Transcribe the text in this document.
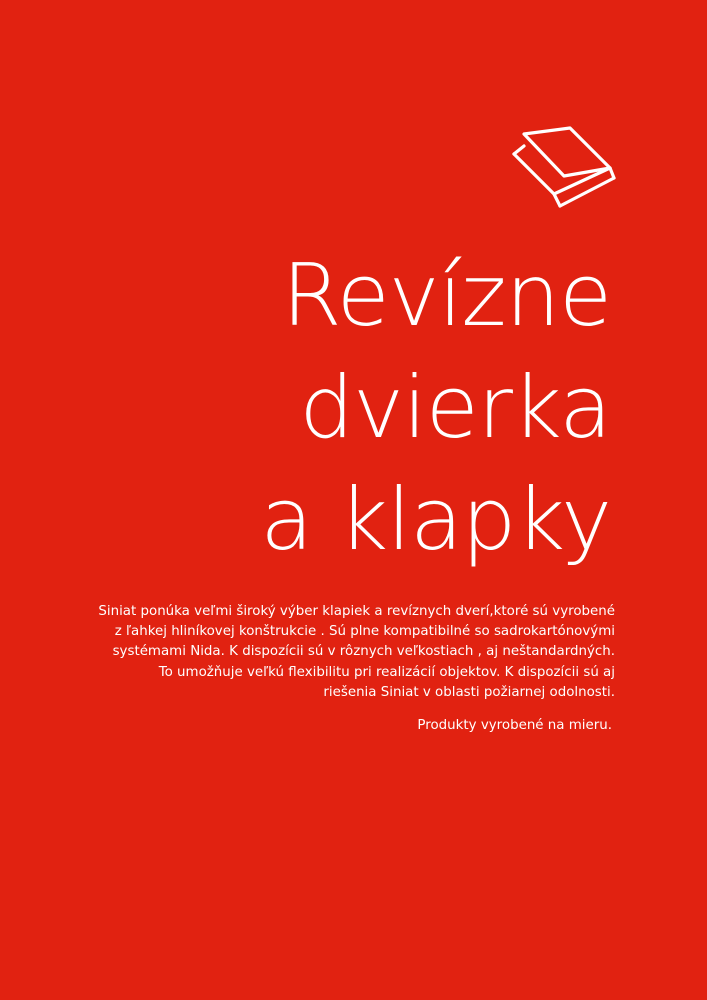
Revízne
dvierka
a klapky
Siniat ponúka veľmi široký výber klapiek a revíznych dverí,ktoré sú vyrobené
z ľahkej hliníkovej konštrukcie . Sú plne kompatibilné so sadrokartónovými
systémami Nida. K dispozícii sú v rôznych veľkostiach , aj neštandardných.
To umožňuje veľkú flexibilitu pri realizácií objektov. K dispozícii sú aj
riešenia Siniat v oblasti požiarnej odolnosti.
Produkty vyrobené na mieru.
